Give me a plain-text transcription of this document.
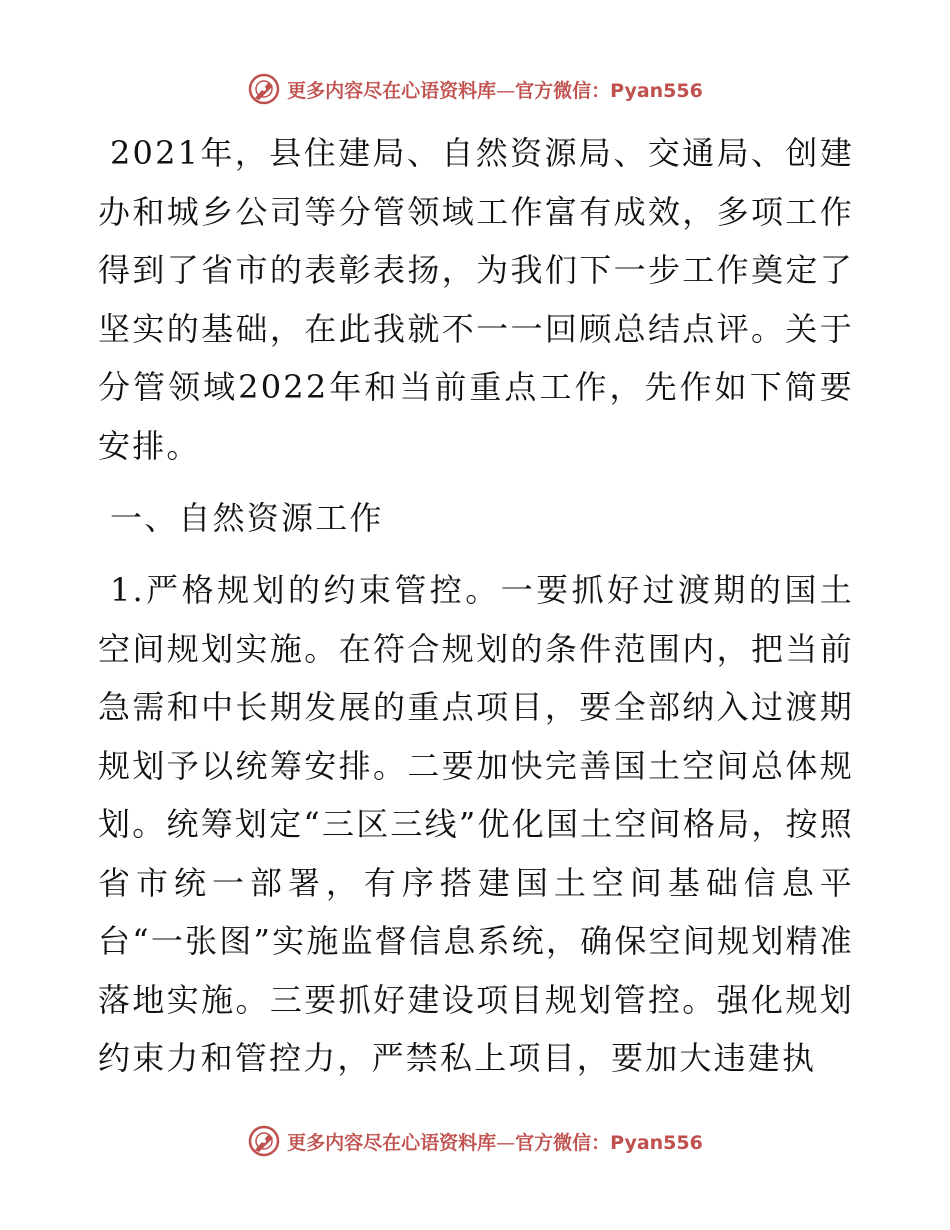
更多内容尽在心语资料库—官方微信：Pyan556

2021年，县住建局、自然资源局、交通局、创建办和城乡公司等分管领域工作富有成效，多项工作得到了省市的表彰表扬，为我们下一步工作奠定了坚实的基础，在此我就不一一回顾总结点评。关于分管领域2022年和当前重点工作，先作如下简要安排。

一、自然资源工作

1.严格规划的约束管控。一要抓好过渡期的国土空间规划实施。在符合规划的条件范围内，把当前急需和中长期发展的重点项目，要全部纳入过渡期规划予以统筹安排。二要加快完善国土空间总体规划。统筹划定“三区三线”优化国土空间格局，按照省市统一部署，有序搭建国土空间基础信息平台“一张图”实施监督信息系统，确保空间规划精准落地实施。三要抓好建设项目规划管控。强化规划约束力和管控力，严禁私上项目，要加大违建执

更多内容尽在心语资料库—官方微信：Pyan556
